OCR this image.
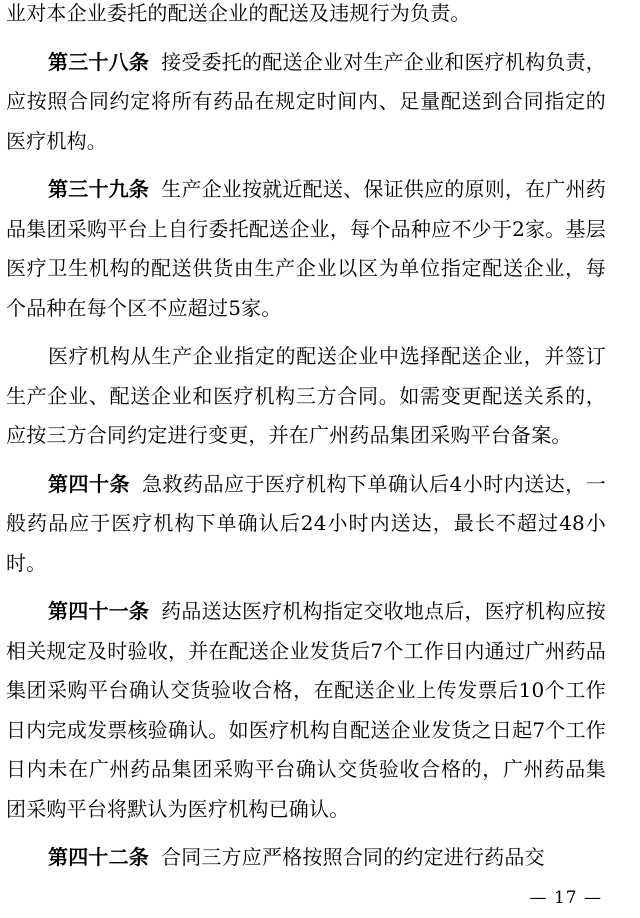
业对本企业委托的配送企业的配送及违规行为负责。

第三十八条 接受委托的配送企业对生产企业和医疗机构负责，应按照合同约定将所有药品在规定时间内、足量配送到合同指定的医疗机构。

第三十九条 生产企业按就近配送、保证供应的原则，在广州药品集团采购平台上自行委托配送企业，每个品种应不少于2家。基层医疗卫生机构的配送供货由生产企业以区为单位指定配送企业，每个品种在每个区不应超过5家。

医疗机构从生产企业指定的配送企业中选择配送企业，并签订生产企业、配送企业和医疗机构三方合同。如需变更配送关系的，应按三方合同约定进行变更，并在广州药品集团采购平台备案。

第四十条 急救药品应于医疗机构下单确认后4小时内送达，一般药品应于医疗机构下单确认后24小时内送达，最长不超过48小时。

第四十一条 药品送达医疗机构指定交收地点后，医疗机构应按相关规定及时验收，并在配送企业发货后7个工作日内通过广州药品集团采购平台确认交货验收合格，在配送企业上传发票后10个工作日内完成发票核验确认。如医疗机构自配送企业发货之日起7个工作日内未在广州药品集团采购平台确认交货验收合格的，广州药品集团采购平台将默认为医疗机构已确认。

第四十二条 合同三方应严格按照合同的约定进行药品交

— 17 —
